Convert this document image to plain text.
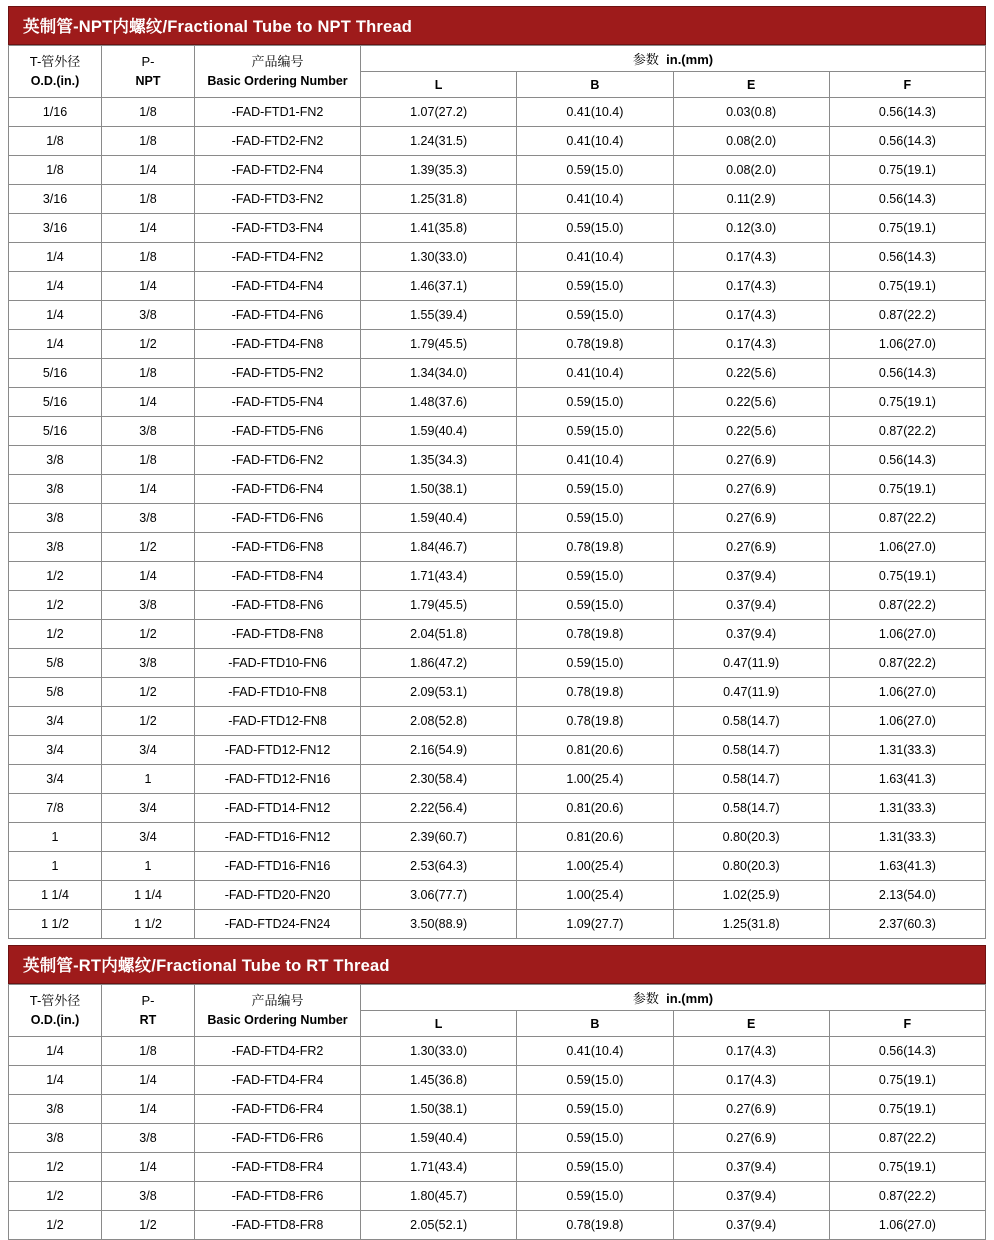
英制管-NPT内螺纹/Fractional Tube to NPT Thread
T-管外径
O.D.(in.)	P-
NPT	产品编号
Basic Ordering Number	参数 in.(mm)			
			L	B	E	F
1/16	1/8	-FAD-FTD1-FN2	1.07(27.2)	0.41(10.4)	0.03(0.8)	0.56(14.3)
1/8	1/8	-FAD-FTD2-FN2	1.24(31.5)	0.41(10.4)	0.08(2.0)	0.56(14.3)
1/8	1/4	-FAD-FTD2-FN4	1.39(35.3)	0.59(15.0)	0.08(2.0)	0.75(19.1)
3/16	1/8	-FAD-FTD3-FN2	1.25(31.8)	0.41(10.4)	0.11(2.9)	0.56(14.3)
3/16	1/4	-FAD-FTD3-FN4	1.41(35.8)	0.59(15.0)	0.12(3.0)	0.75(19.1)
1/4	1/8	-FAD-FTD4-FN2	1.30(33.0)	0.41(10.4)	0.17(4.3)	0.56(14.3)
1/4	1/4	-FAD-FTD4-FN4	1.46(37.1)	0.59(15.0)	0.17(4.3)	0.75(19.1)
1/4	3/8	-FAD-FTD4-FN6	1.55(39.4)	0.59(15.0)	0.17(4.3)	0.87(22.2)
1/4	1/2	-FAD-FTD4-FN8	1.79(45.5)	0.78(19.8)	0.17(4.3)	1.06(27.0)
5/16	1/8	-FAD-FTD5-FN2	1.34(34.0)	0.41(10.4)	0.22(5.6)	0.56(14.3)
5/16	1/4	-FAD-FTD5-FN4	1.48(37.6)	0.59(15.0)	0.22(5.6)	0.75(19.1)
5/16	3/8	-FAD-FTD5-FN6	1.59(40.4)	0.59(15.0)	0.22(5.6)	0.87(22.2)
3/8	1/8	-FAD-FTD6-FN2	1.35(34.3)	0.41(10.4)	0.27(6.9)	0.56(14.3)
3/8	1/4	-FAD-FTD6-FN4	1.50(38.1)	0.59(15.0)	0.27(6.9)	0.75(19.1)
3/8	3/8	-FAD-FTD6-FN6	1.59(40.4)	0.59(15.0)	0.27(6.9)	0.87(22.2)
3/8	1/2	-FAD-FTD6-FN8	1.84(46.7)	0.78(19.8)	0.27(6.9)	1.06(27.0)
1/2	1/4	-FAD-FTD8-FN4	1.71(43.4)	0.59(15.0)	0.37(9.4)	0.75(19.1)
1/2	3/8	-FAD-FTD8-FN6	1.79(45.5)	0.59(15.0)	0.37(9.4)	0.87(22.2)
1/2	1/2	-FAD-FTD8-FN8	2.04(51.8)	0.78(19.8)	0.37(9.4)	1.06(27.0)
5/8	3/8	-FAD-FTD10-FN6	1.86(47.2)	0.59(15.0)	0.47(11.9)	0.87(22.2)
5/8	1/2	-FAD-FTD10-FN8	2.09(53.1)	0.78(19.8)	0.47(11.9)	1.06(27.0)
3/4	1/2	-FAD-FTD12-FN8	2.08(52.8)	0.78(19.8)	0.58(14.7)	1.06(27.0)
3/4	3/4	-FAD-FTD12-FN12	2.16(54.9)	0.81(20.6)	0.58(14.7)	1.31(33.3)
3/4	1	-FAD-FTD12-FN16	2.30(58.4)	1.00(25.4)	0.58(14.7)	1.63(41.3)
7/8	3/4	-FAD-FTD14-FN12	2.22(56.4)	0.81(20.6)	0.58(14.7)	1.31(33.3)
1	3/4	-FAD-FTD16-FN12	2.39(60.7)	0.81(20.6)	0.80(20.3)	1.31(33.3)
1	1	-FAD-FTD16-FN16	2.53(64.3)	1.00(25.4)	0.80(20.3)	1.63(41.3)
1 1/4	1 1/4	-FAD-FTD20-FN20	3.06(77.7)	1.00(25.4)	1.02(25.9)	2.13(54.0)
1 1/2	1 1/2	-FAD-FTD24-FN24	3.50(88.9)	1.09(27.7)	1.25(31.8)	2.37(60.3)
英制管-RT内螺纹/Fractional Tube to RT Thread
T-管外径
O.D.(in.)	P-
RT	产品编号
Basic Ordering Number	参数 in.(mm)			
			L	B	E	F
1/4	1/8	-FAD-FTD4-FR2	1.30(33.0)	0.41(10.4)	0.17(4.3)	0.56(14.3)
1/4	1/4	-FAD-FTD4-FR4	1.45(36.8)	0.59(15.0)	0.17(4.3)	0.75(19.1)
3/8	1/4	-FAD-FTD6-FR4	1.50(38.1)	0.59(15.0)	0.27(6.9)	0.75(19.1)
3/8	3/8	-FAD-FTD6-FR6	1.59(40.4)	0.59(15.0)	0.27(6.9)	0.87(22.2)
1/2	1/4	-FAD-FTD8-FR4	1.71(43.4)	0.59(15.0)	0.37(9.4)	0.75(19.1)
1/2	3/8	-FAD-FTD8-FR6	1.80(45.7)	0.59(15.0)	0.37(9.4)	0.87(22.2)
1/2	1/2	-FAD-FTD8-FR8	2.05(52.1)	0.78(19.8)	0.37(9.4)	1.06(27.0)
